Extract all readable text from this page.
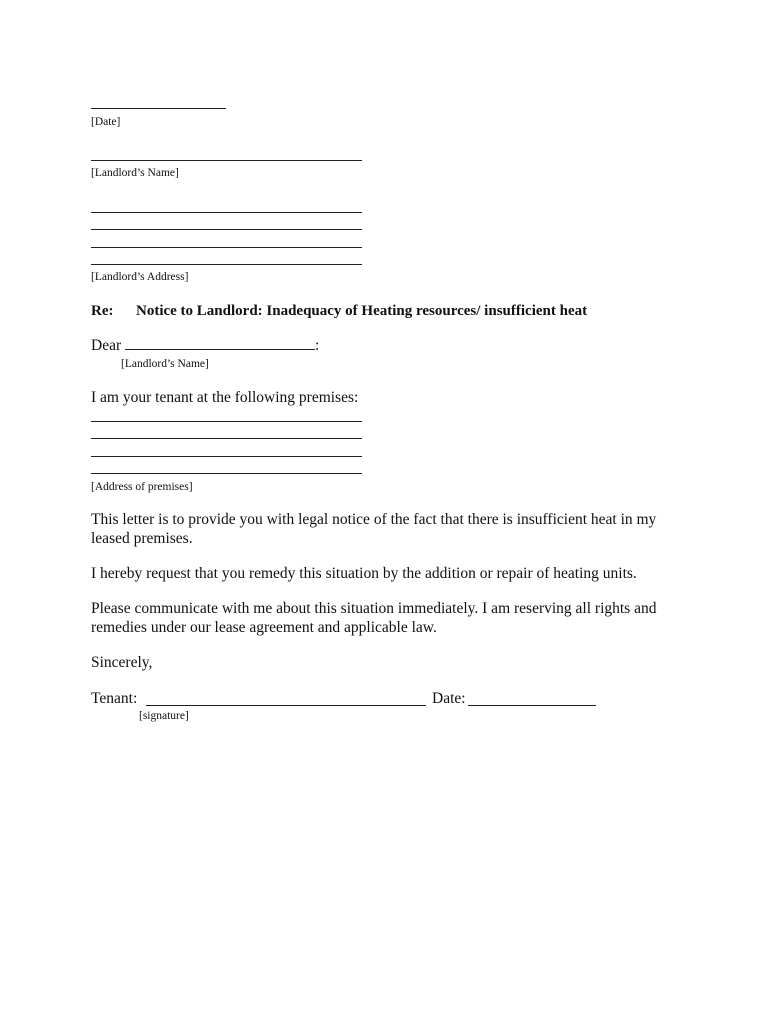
[Date]
[Landlord’s Name]
[Landlord’s Address]
Re: Notice to Landlord: Inadequacy of Heating resources/ insufficient heat
Dear	:
[Landlord’s Name]
I am your tenant at the following premises:
[Address of premises]
This letter is to provide you with legal notice of the fact that there is insufficient heat in my
leased premises.
I hereby request that you remedy this situation by the addition or repair of heating units.
Please communicate with me about this situation immediately. I am reserving all rights and
remedies under our lease agreement and applicable law.
Sincerely,
Tenant:	Date:
[signature]
